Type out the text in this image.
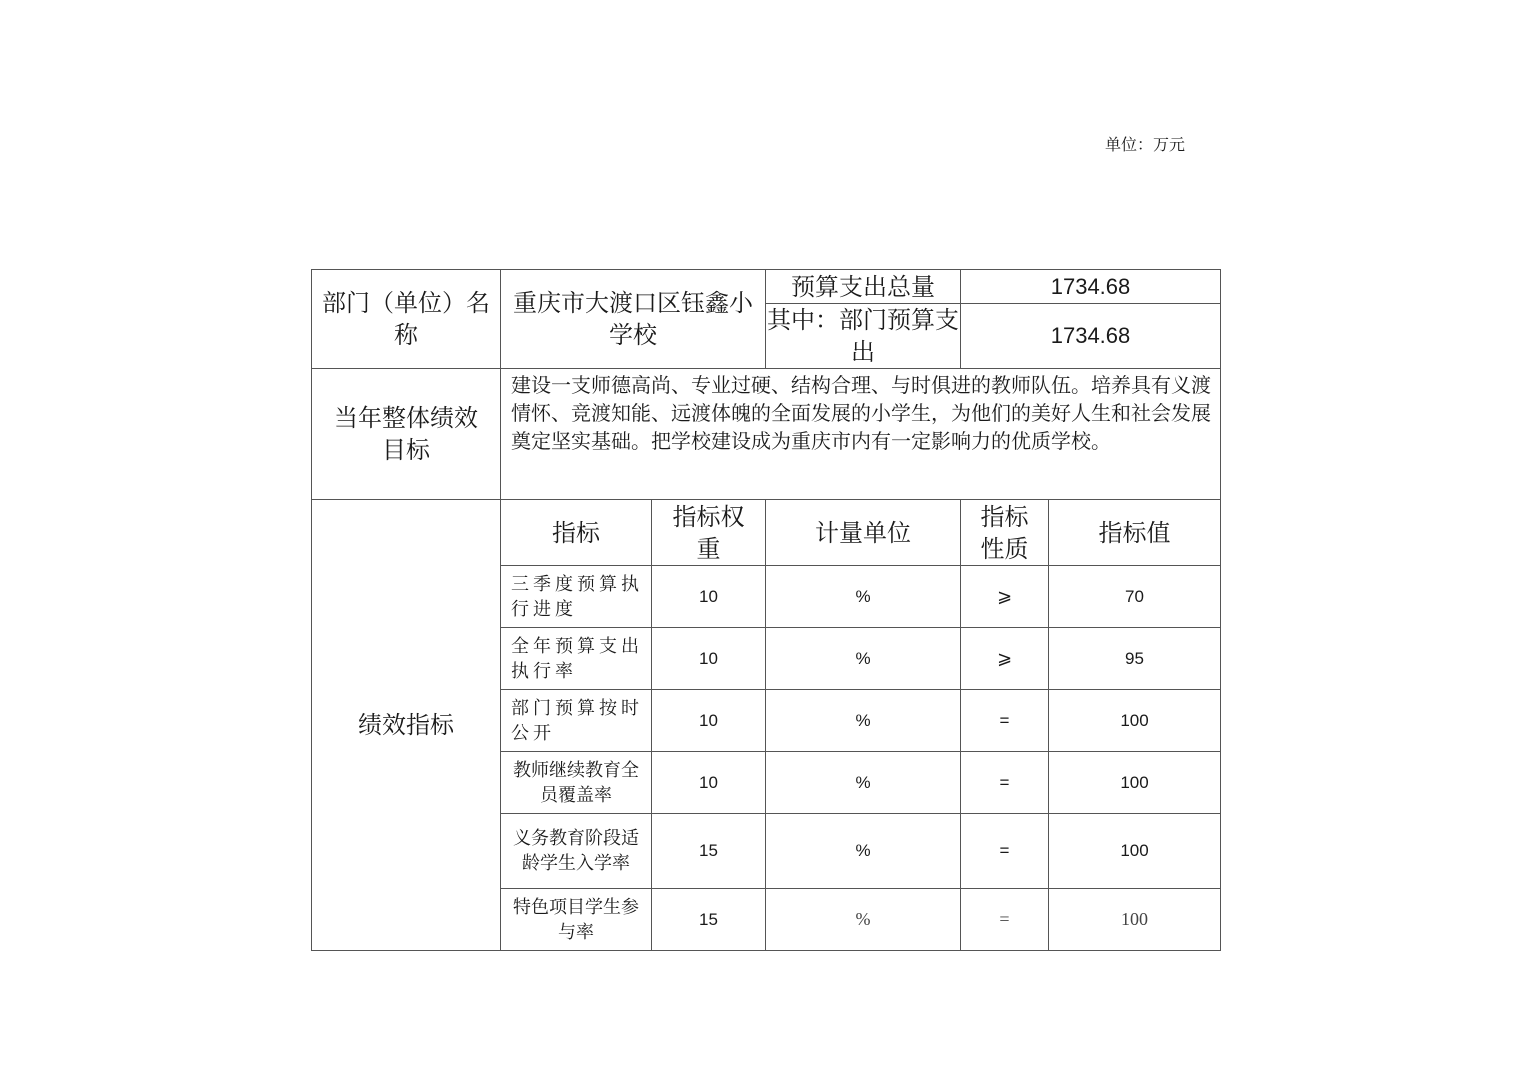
单位：万元
部门（单位）名称	重庆市大渡口区钰鑫小学校		预算支出总量	1734.68	
			其中：部门预算支出	1734.68	
当年整体绩效目标	建设一支师德高尚、专业过硬、结构合理、与时俱进的教师队伍。培养具有义渡情怀、竞渡知能、远渡体魄的全面发展的小学生，为他们的美好人生和社会发展奠定坚实基础。把学校建设成为重庆市内有一定影响力的优质学校。				
绩效指标	指标	指标权重	计量单位	指标性质	指标值
	三季度预算执行进度	10	%	⩾	70
	全年预算支出执行率	10	%	⩾	95
	部门预算按时公开	10	%	=	100
	教师继续教育全员覆盖率	10	%	=	100
	义务教育阶段适龄学生入学率	15	%	=	100
	特色项目学生参与率	15	%	=	100
